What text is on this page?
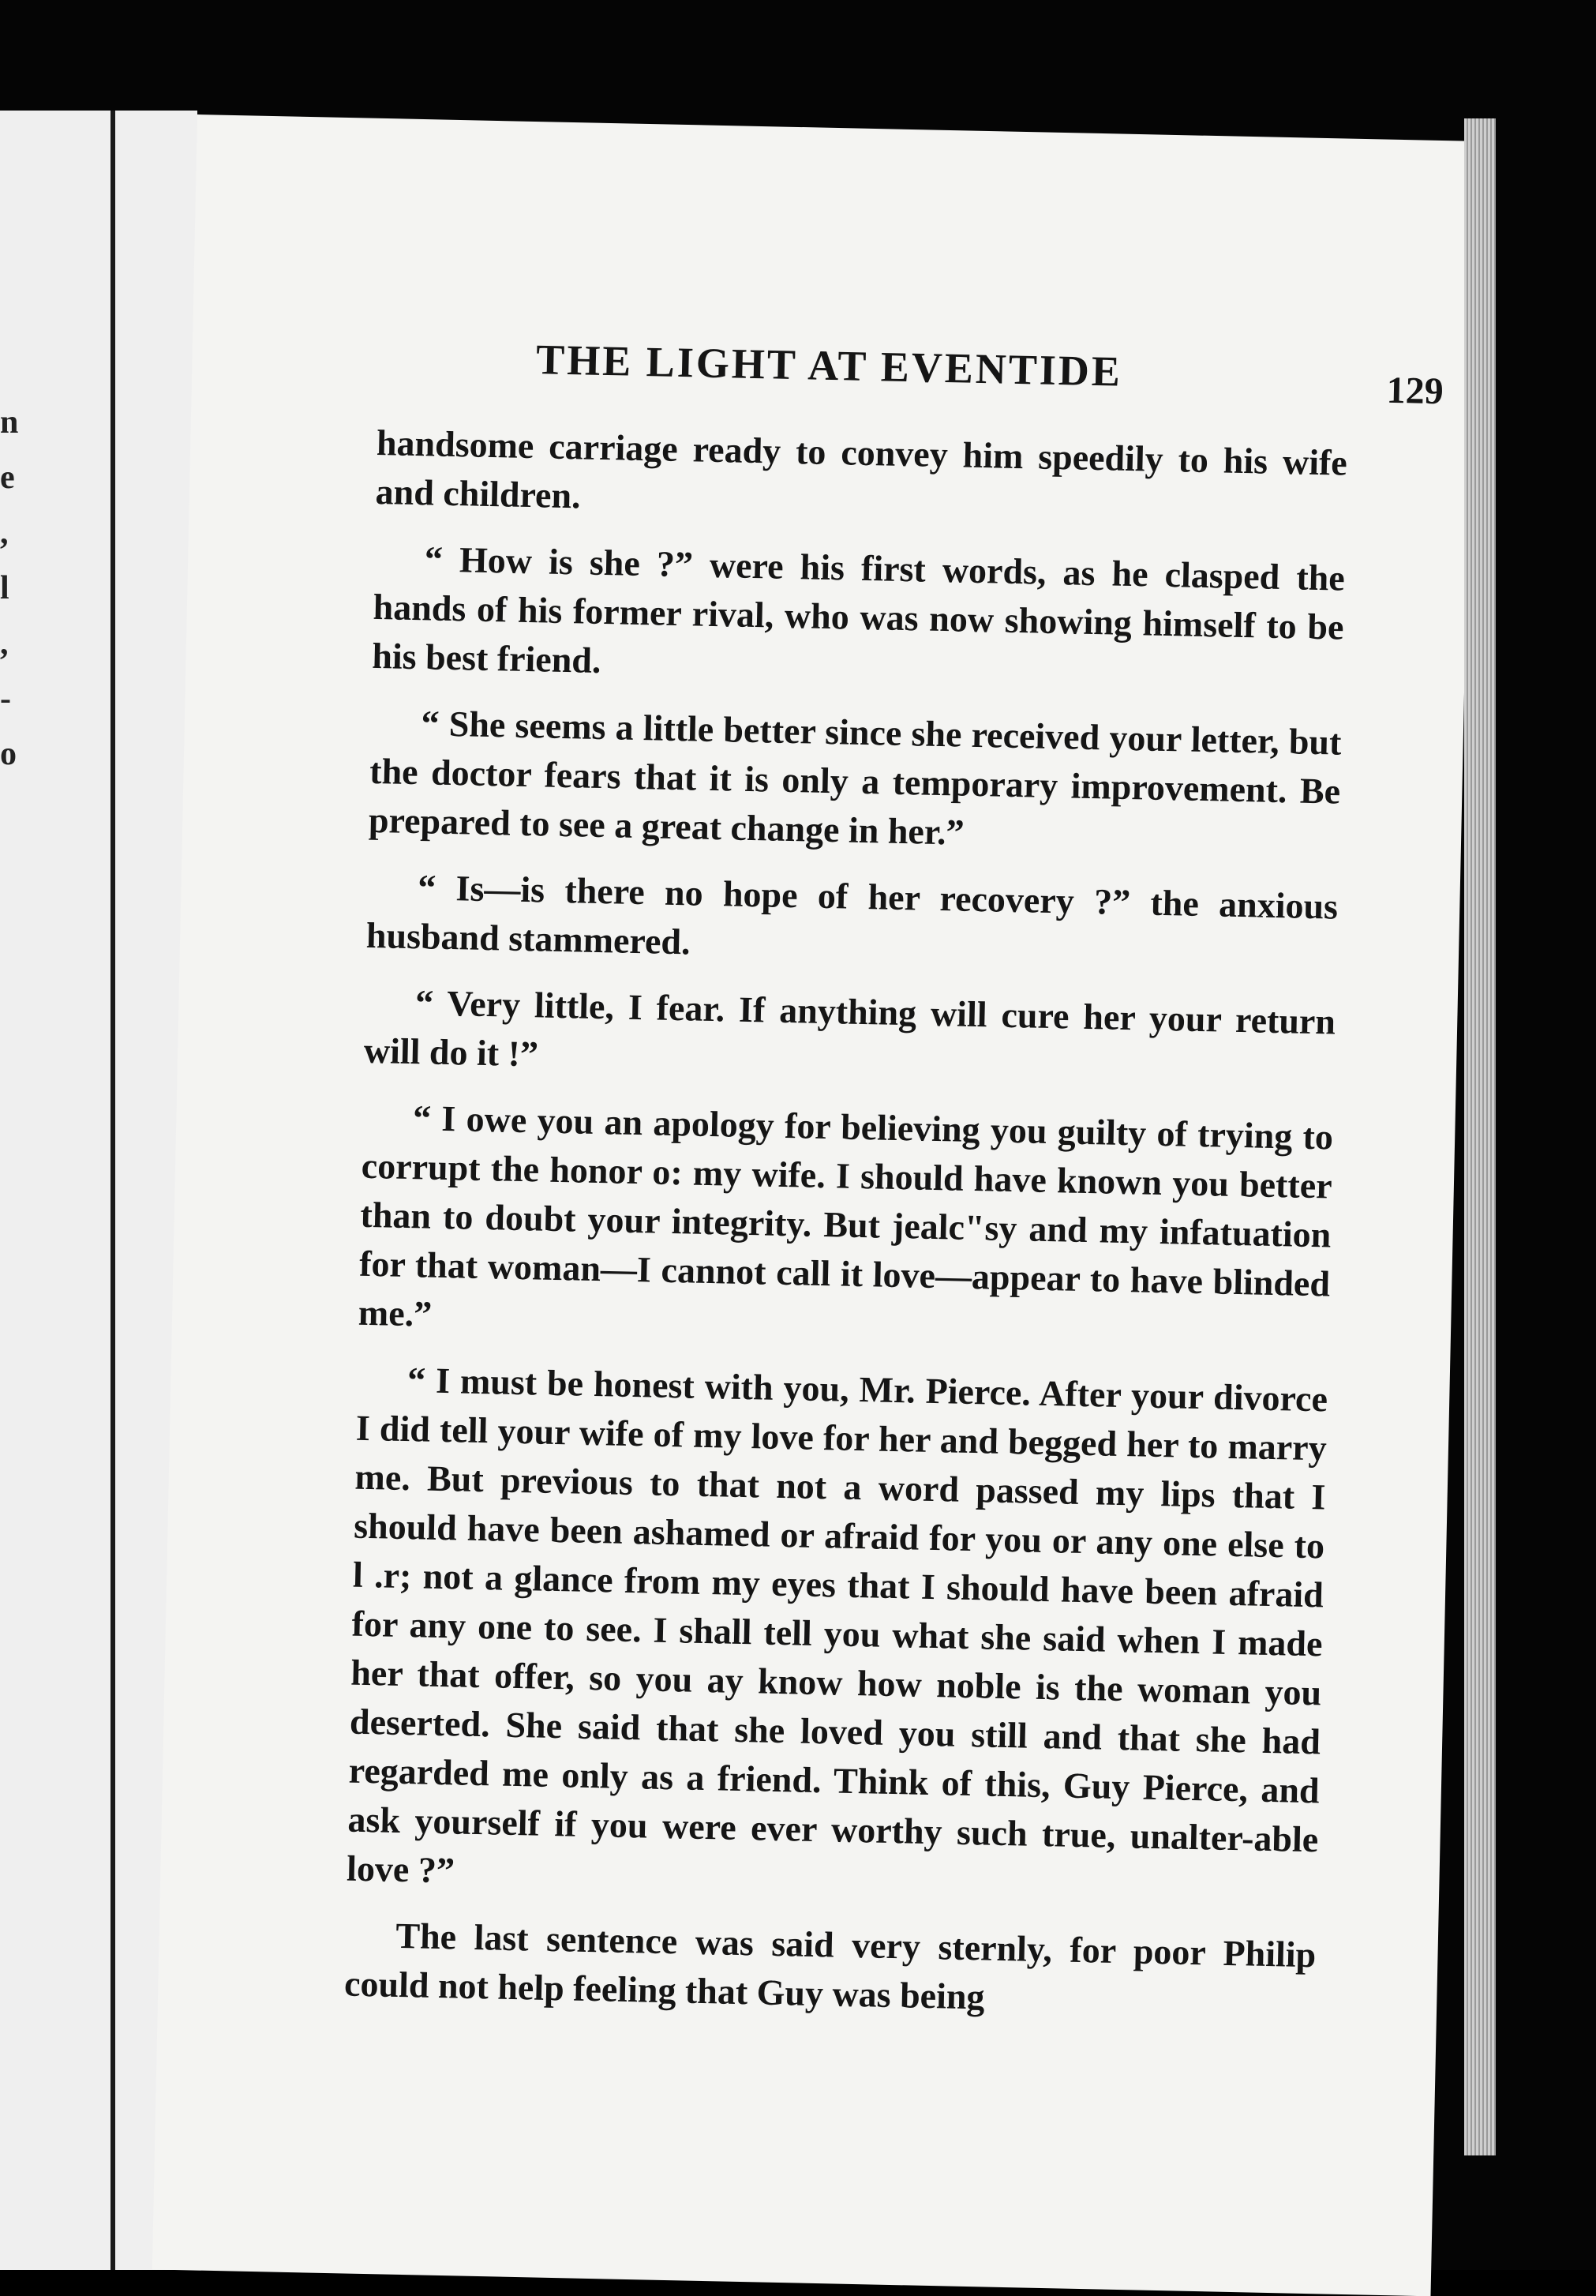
n
e
,
l
,
-
o
THE LIGHT AT EVENTIDE	129

handsome carriage ready to convey him speedily to his wife and children.

“ How is she ?” were his first words, as he clasped the hands of his former rival, who was now showing himself to be his best friend.

“ She seems a little better since she received your letter, but the doctor fears that it is only a temporary improvement. Be prepared to see a great change in her.”

“ Is—is there no hope of her recovery ?” the anxious husband stammered.

“ Very little, I fear. If anything will cure her your return will do it !”

“ I owe you an apology for believing you guilty of trying to corrupt the honor o: my wife. I should have known you better than to doubt your integrity. But jealc"sy and my infatuation for that woman—I cannot call it love—appear to have blinded me.”

“ I must be honest with you, Mr. Pierce. After your divorce I did tell your wife of my love for her and begged her to marry me. But previous to that not a word passed my lips that I should have been ashamed or afraid for you or any one else to l .r; not a glance from my eyes that I should have been afraid for any one to see. I shall tell you what she said when I made her that offer, so you ay know how noble is the woman you deserted. She said that she loved you still and that she had regarded me only as a friend. Think of this, Guy Pierce, and ask yourself if you were ever worthy such true, unalter-able love ?”

The last sentence was said very sternly, for poor Philip could not help feeling that Guy was being
